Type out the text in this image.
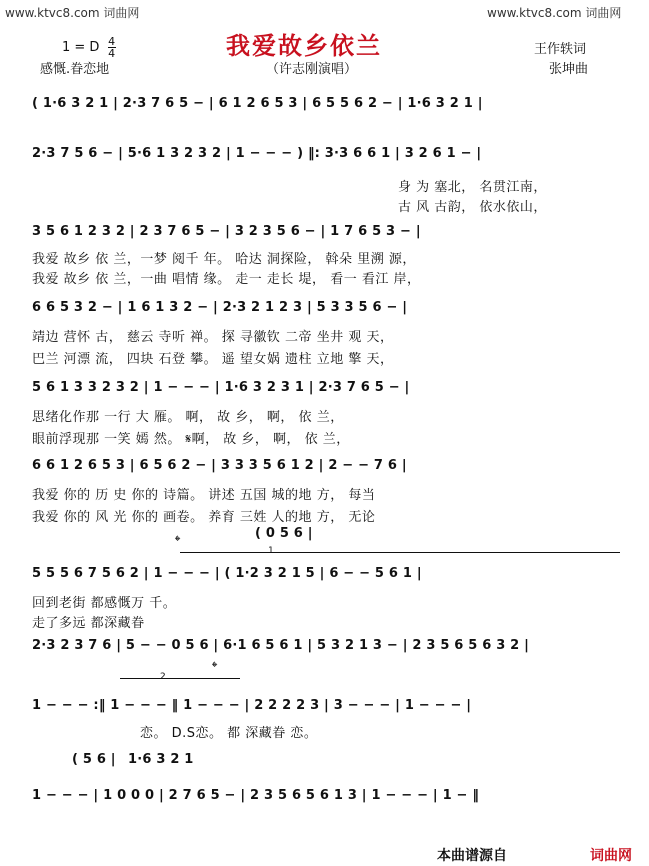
www.ktvc8.com 词曲网	www.ktvc8.com 词曲网
我爱故乡依兰
1 = D $\frac{4}{4}$
感慨.眷恋地	（许志刚演唱）
王作轶词
张坤曲
( 1·6 3 2 1 | 2·3 7 6 5 − | 6 1 2 6 5 3 | 6 5 5 6 2 − | 1·6 3 2 1 |
2·3 7 5 6 − | 5·6 1 3 2 3 2 | 1 − − − ) ‖: 3·3 6 6 1 | 3 2 6 1 − |
身 为 塞北， 名贯江南，
古 风 古韵， 依水依山，
3 5 6 1 2 3 2 | 2 3 7 6 5 − | 3 2 3 5 6 − | 1 7 6 5 3 − |
我爱 故乡 依 兰，一梦 阅千 年。 哈达 洞探险， 斡朵 里溯 源，
我爱 故乡 依 兰，一曲 唱情 缘。 走一 走长 堤， 看一 看江 岸，
6 6 5 3 2 − | 1 6 1 3 2 − | 2·3 2 1 2 3 | 5 3 3 5 6 − |
靖边 营怀 古， 慈云 寺听 禅。 探 寻徽钦 二帝 坐井 观 天，
巴兰 河漂 流， 四块 石登 攀。 遥 望女娲 遗柱 立地 擎 天，
5 6 1 3 3 2 3 2 | 1 − − − | 1·6 3 2 3 1 | 2·3 7 6 5 − |
思绪化作那 一行 大 雁。 啊， 故 乡， 啊， 依 兰，
眼前浮现那 一笑 嫣 然。 𝄋啊， 故 乡， 啊， 依 兰，
6 6 1 2 6 5 3 | 6 5 6 2 − | 3 3 3 5 6 1 2 | 2 − − 7 6 |
我爱 你的 历 史 你的 诗篇。 讲述 五国 城的地 方， 每当
我爱 你的 风 光 你的 画卷。 养育 三姓 人的地 方， 无论
( 0 5 6 |
𝄌
1
5 5 5 6 7 5 6 2 | 1 − − − | ( 1·2 3 2 1 5 | 6 − − 5 6 1 |
回到老街 都感慨万 千。
走了多远 都深藏眷
2·3 2 3 7 6 | 5 − − 0 5 6 | 6·1 6 5 6 1 | 5 3 2 1 3 − | 2 3 5 6 5 6 3 2 |
2
𝄌
1 − − − :‖ 1 − − − ‖ 1 − − − | 2 2 2 2 3 | 3 − − − | 1 − − − |
恋。 D.S恋。 都 深藏眷 恋。
( 5 6 | 1·6 3 2 1
1 − − − | 1 0 0 0 | 2 7 6 5 − | 2 3 5 6 5 6 1 3 | 1 − − − | 1 − ‖
本曲谱源自	词曲网
